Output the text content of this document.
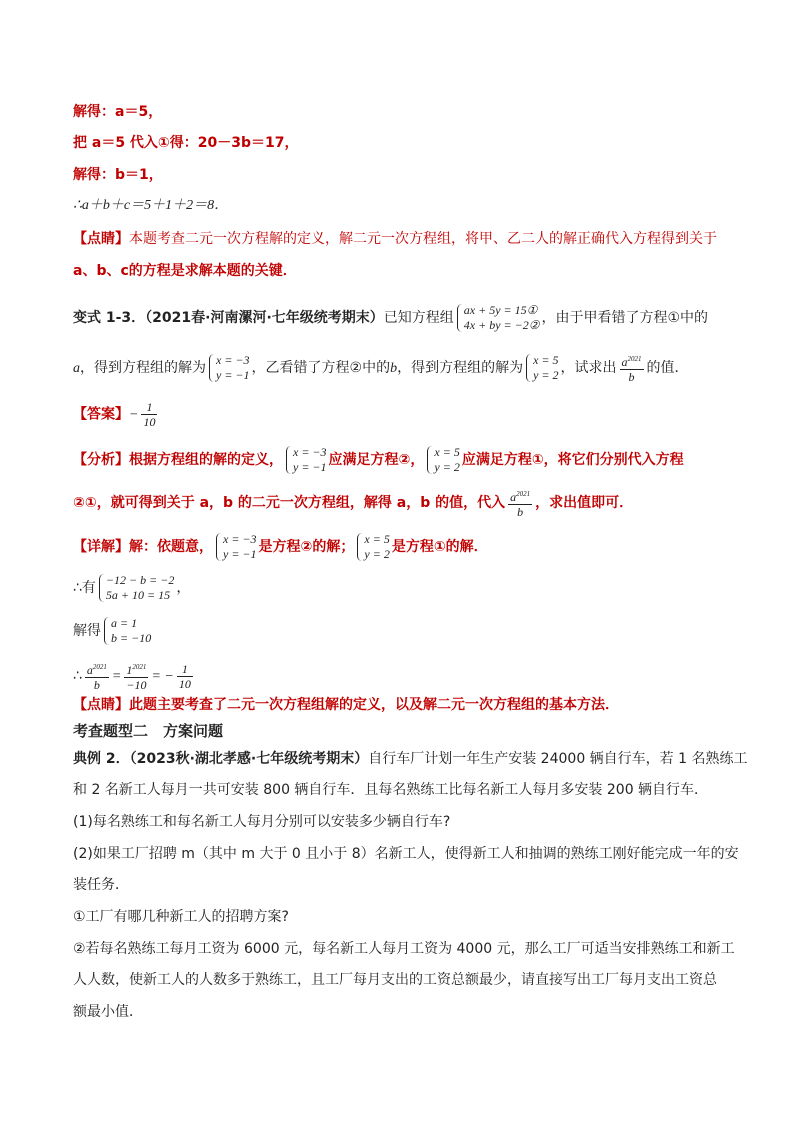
解得：a＝5，
把 a＝5 代入①得：20－3b＝17，
解得：b＝1，
∴a＋b＋c＝5＋1＋2＝8．
【点睛】本题考查二元一次方程解的定义，解二元一次方程组，将甲、乙二人的解正确代入方程得到关于
a、b、c的方程是求解本题的关键．
变式 1-3．（2021春·河南漯河·七年级统考期末）已知方程组 ax + 5y = 15①
4x + by = −2② ，由于甲看错了方程①中的
a，得到方程组的解为 x = −3
y = −1 ，乙看错了方程②中的b，得到方程组的解为 x = 5
y = 2 ，试求出 $\frac{a^{2021}}{b}$ 的值．
【答案】− $\frac{1}{10}$
【分析】根据方程组的解的定义， x = −3
y = −1 应满足方程②， x = 5
y = 2 应满足方程①，将它们分别代入方程
②①，就可得到关于 a，b 的二元一次方程组，解得 a，b 的值，代入 $\frac{a^{2021}}{b}$ ，求出值即可．
【详解】解：依题意， x = −3
y = −1 是方程②的解； x = 5
y = 2 是方程①的解．
∴有 −12 − b = −2
5a + 10 = 15 ，
解得 a = 1
b = −10
∴ $\frac{a^{2021}}{b} = \frac{1^{2021}}{-10}$ = − $\frac{1}{10}$
【点睛】此题主要考查了二元一次方程组解的定义，以及解二元一次方程组的基本方法．
考查题型二　方案问题
典例 2．（2023秋·湖北孝感·七年级统考期末）自行车厂计划一年生产安装 24000 辆自行车，若 1 名熟练工
和 2 名新工人每月一共可安装 800 辆自行车．且每名熟练工比每名新工人每月多安装 200 辆自行车．
(1)每名熟练工和每名新工人每月分别可以安装多少辆自行车?
(2)如果工厂招聘 m（其中 m 大于 0 且小于 8）名新工人，使得新工人和抽调的熟练工刚好能完成一年的安
装任务．
①工厂有哪几种新工人的招聘方案?
②若每名熟练工每月工资为 6000 元，每名新工人每月工资为 4000 元，那么工厂可适当安排熟练工和新工
人人数，使新工人的人数多于熟练工，且工厂每月支出的工资总额最少，请直接写出工厂每月支出工资总
额最小值．
